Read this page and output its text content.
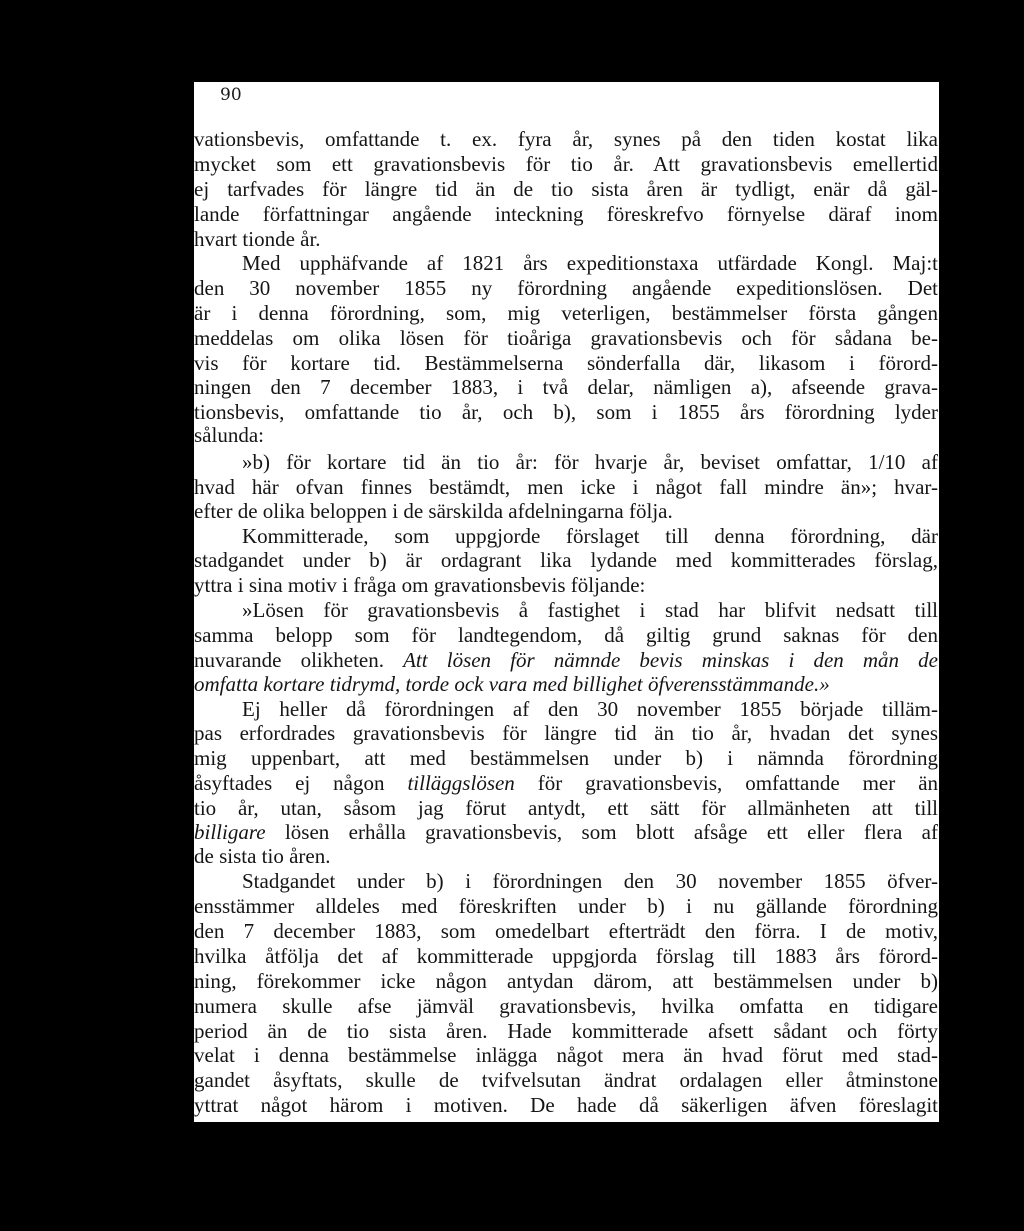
90
vationsbevis, omfattande t. ex. fyra år, synes på den tiden kostat lika
mycket som ett gravationsbevis för tio år. Att gravationsbevis emellertid
ej tarfvades för längre tid än de tio sista åren är tydligt, enär då gäl-
lande författningar angående inteckning föreskrefvo förnyelse däraf inom
hvart tionde år.
Med upphäfvande af 1821 års expeditionstaxa utfärdade Kongl. Maj:t
den 30 november 1855 ny förordning angående expeditionslösen. Det
är i denna förordning, som, mig veterligen, bestämmelser första gången
meddelas om olika lösen för tioåriga gravationsbevis och för sådana be-
vis för kortare tid. Bestämmelserna sönderfalla där, likasom i förord-
ningen den 7 december 1883, i två delar, nämligen a), afseende grava-
tionsbevis, omfattande tio år, och b), som i 1855 års förordning lyder
sålunda:
»b) för kortare tid än tio år: för hvarje år, beviset omfattar, 1/10 af
hvad här ofvan finnes bestämdt, men icke i något fall mindre än»; hvar-
efter de olika beloppen i de särskilda afdelningarna följa.
Kommitterade, som uppgjorde förslaget till denna förordning, där
stadgandet under b) är ordagrant lika lydande med kommitterades förslag,
yttra i sina motiv i fråga om gravationsbevis följande:
»Lösen för gravationsbevis å fastighet i stad har blifvit nedsatt till
samma belopp som för landtegendom, då giltig grund saknas för den
nuvarande olikheten. Att lösen för nämnde bevis minskas i den mån de
omfatta kortare tidrymd, torde ock vara med billighet öfverensstämmande.»
Ej heller då förordningen af den 30 november 1855 började tilläm-
pas erfordrades gravationsbevis för längre tid än tio år, hvadan det synes
mig uppenbart, att med bestämmelsen under b) i nämnda förordning
åsyftades ej någon tilläggslösen för gravationsbevis, omfattande mer än
tio år, utan, såsom jag förut antydt, ett sätt för allmänheten att till
billigare lösen erhålla gravationsbevis, som blott afsåge ett eller flera af
de sista tio åren.
Stadgandet under b) i förordningen den 30 november 1855 öfver-
ensstämmer alldeles med föreskriften under b) i nu gällande förordning
den 7 december 1883, som omedelbart efterträdt den förra. I de motiv,
hvilka åtfölja det af kommitterade uppgjorda förslag till 1883 års förord-
ning, förekommer icke någon antydan därom, att bestämmelsen under b)
numera skulle afse jämväl gravationsbevis, hvilka omfatta en tidigare
period än de tio sista åren. Hade kommitterade afsett sådant och förty
velat i denna bestämmelse inlägga något mera än hvad förut med stad-
gandet åsyftats, skulle de tvifvelsutan ändrat ordalagen eller åtminstone
yttrat något härom i motiven. De hade då säkerligen äfven föreslagit
